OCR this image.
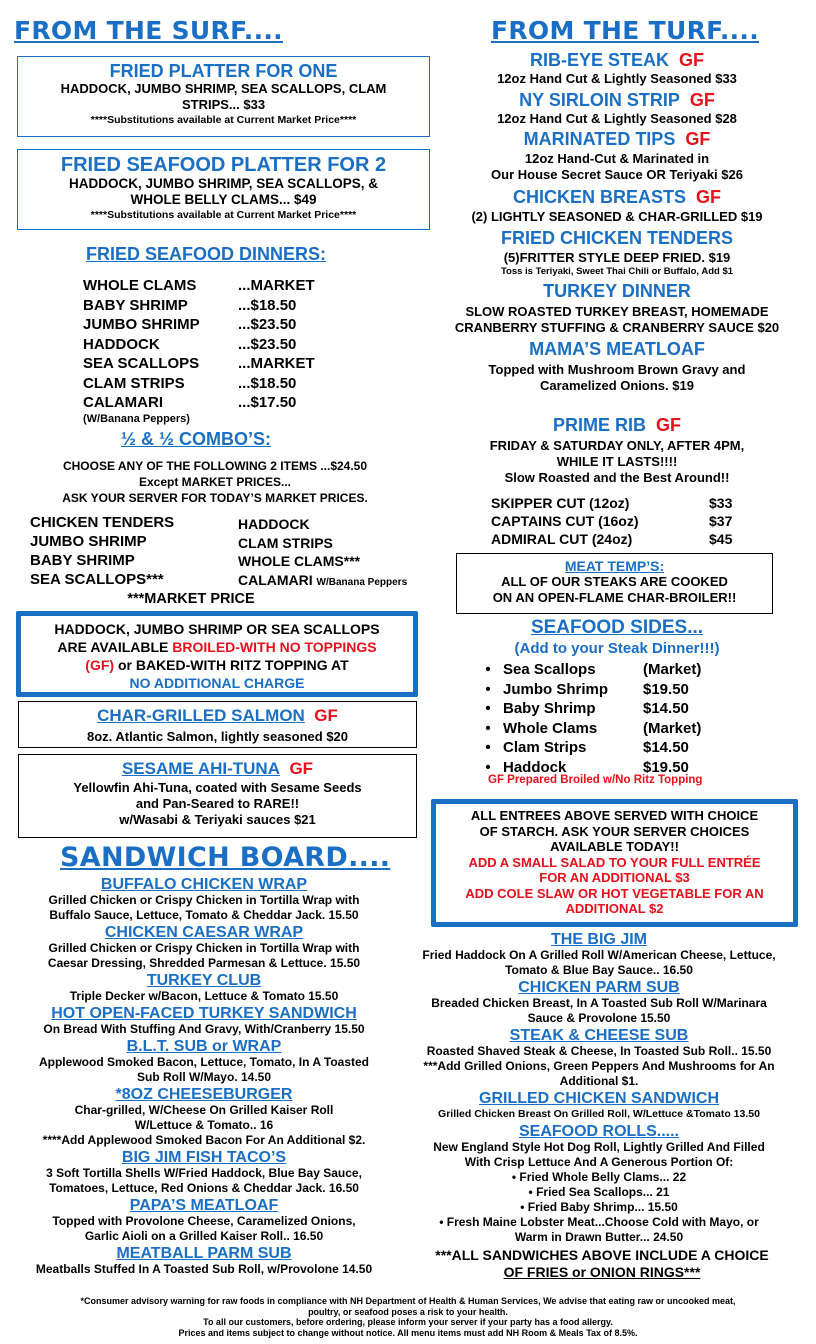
FROM THE SURF....
FRIED PLATTER FOR ONE
HADDOCK, JUMBO SHRIMP, SEA SCALLOPS, CLAM
STRIPS... $33
****Substitutions available at Current Market Price****
FRIED SEAFOOD PLATTER FOR 2
HADDOCK, JUMBO SHRIMP, SEA SCALLOPS, &
WHOLE BELLY CLAMS... $49
****Substitutions available at Current Market Price****
FRIED SEAFOOD DINNERS:
WHOLE CLAMS	...MARKET
BABY SHRIMP	...$18.50
JUMBO SHRIMP	...$23.50
HADDOCK	...$23.50
SEA SCALLOPS	...MARKET
CLAM STRIPS	...$18.50
CALAMARI	...$17.50
(W/Banana Peppers)
½ & ½ COMBO’S:
CHOOSE ANY OF THE FOLLOWING 2 ITEMS ...$24.50
Except MARKET PRICES...
ASK YOUR SERVER FOR TODAY’S MARKET PRICES.
CHICKEN TENDERS
JUMBO SHRIMP
BABY SHRIMP
SEA SCALLOPS***
HADDOCK
CLAM STRIPS
WHOLE CLAMS***
CALAMARI W/Banana Peppers
***MARKET PRICE
HADDOCK, JUMBO SHRIMP OR SEA SCALLOPS
ARE AVAILABLE BROILED-WITH NO TOPPINGS
(GF) or BAKED-WITH RITZ TOPPING AT
NO ADDITIONAL CHARGE
CHAR-GRILLED SALMON GF
8oz. Atlantic Salmon, lightly seasoned $20
SESAME AHI-TUNA GF
Yellowfin Ahi-Tuna, coated with Sesame Seeds
and Pan-Seared to RARE!!
w/Wasabi & Teriyaki sauces $21
FROM THE TURF....
RIB-EYE STEAK GF
12oz Hand Cut & Lightly Seasoned $33
NY SIRLOIN STRIP GF
12oz Hand Cut & Lightly Seasoned $28
MARINATED TIPS GF
12oz Hand-Cut & Marinated in
Our House Secret Sauce OR Teriyaki $26
CHICKEN BREASTS GF
(2) LIGHTLY SEASONED & CHAR-GRILLED $19
FRIED CHICKEN TENDERS
(5)FRITTER STYLE DEEP FRIED. $19
Toss is Teriyaki, Sweet Thai Chili or Buffalo, Add $1
TURKEY DINNER
SLOW ROASTED TURKEY BREAST, HOMEMADE
CRANBERRY STUFFING & CRANBERRY SAUCE $20
MAMA’S MEATLOAF
Topped with Mushroom Brown Gravy and
Caramelized Onions. $19
PRIME RIB GF
FRIDAY & SATURDAY ONLY, AFTER 4PM,
WHILE IT LASTS!!!!
Slow Roasted and the Best Around!!
SKIPPER CUT (12oz)	$33
CAPTAINS CUT (16oz)	$37
ADMIRAL CUT (24oz)	$45
MEAT TEMP’S:
ALL OF OUR STEAKS ARE COOKED
ON AN OPEN-FLAME CHAR-BROILER!!
SEAFOOD SIDES...
(Add to your Steak Dinner!!!)
• Sea Scallops	(Market)
• Jumbo Shrimp	$19.50
• Baby Shrimp	$14.50
• Whole Clams	(Market)
• Clam Strips	$14.50
• Haddock	$19.50
GF Prepared Broiled w/No Ritz Topping
ALL ENTREES ABOVE SERVED WITH CHOICE
OF STARCH. ASK YOUR SERVER CHOICES
AVAILABLE TODAY!!
ADD A SMALL SALAD TO YOUR FULL ENTRÉE
FOR AN ADDITIONAL $3
ADD COLE SLAW OR HOT VEGETABLE FOR AN
ADDITIONAL $2
SANDWICH BOARD....
BUFFALO CHICKEN WRAP
Grilled Chicken or Crispy Chicken in Tortilla Wrap with
Buffalo Sauce, Lettuce, Tomato & Cheddar Jack. 15.50
CHICKEN CAESAR WRAP
Grilled Chicken or Crispy Chicken in Tortilla Wrap with
Caesar Dressing, Shredded Parmesan & Lettuce. 15.50
TURKEY CLUB
Triple Decker w/Bacon, Lettuce & Tomato 15.50
HOT OPEN-FACED TURKEY SANDWICH
On Bread With Stuffing And Gravy, With/Cranberry 15.50
B.L.T. SUB or WRAP
Applewood Smoked Bacon, Lettuce, Tomato, In A Toasted
Sub Roll W/Mayo. 14.50
*8OZ CHEESEBURGER
Char-grilled, W/Cheese On Grilled Kaiser Roll
W/Lettuce & Tomato.. 16
****Add Applewood Smoked Bacon For An Additional $2.
BIG JIM FISH TACO’S
3 Soft Tortilla Shells W/Fried Haddock, Blue Bay Sauce,
Tomatoes, Lettuce, Red Onions & Cheddar Jack. 16.50
PAPA’S MEATLOAF
Topped with Provolone Cheese, Caramelized Onions,
Garlic Aioli on a Grilled Kaiser Roll.. 16.50
MEATBALL PARM SUB
Meatballs Stuffed In A Toasted Sub Roll, w/Provolone 14.50
THE BIG JIM
Fried Haddock On A Grilled Roll W/American Cheese, Lettuce,
Tomato & Blue Bay Sauce.. 16.50
CHICKEN PARM SUB
Breaded Chicken Breast, In A Toasted Sub Roll W/Marinara
Sauce & Provolone 15.50
STEAK & CHEESE SUB
Roasted Shaved Steak & Cheese, In Toasted Sub Roll.. 15.50
***Add Grilled Onions, Green Peppers And Mushrooms for An
Additional $1.
GRILLED CHICKEN SANDWICH
Grilled Chicken Breast On Grilled Roll, W/Lettuce &Tomato 13.50
SEAFOOD ROLLS.....
New England Style Hot Dog Roll, Lightly Grilled And Filled
With Crisp Lettuce And A Generous Portion Of:
• Fried Whole Belly Clams... 22
• Fried Sea Scallops... 21
• Fried Baby Shrimp... 15.50
• Fresh Maine Lobster Meat...Choose Cold with Mayo, or
Warm in Drawn Butter... 24.50
***ALL SANDWICHES ABOVE INCLUDE A CHOICE
OF FRIES or ONION RINGS***
*Consumer advisory warning for raw foods in compliance with NH Department of Health & Human Services, We advise that eating raw or uncooked meat,
poultry, or seafood poses a risk to your health.
To all our customers, before ordering, please inform your server if your party has a food allergy.
Prices and items subject to change without notice. All menu items must add NH Room & Meals Tax of 8.5%.
